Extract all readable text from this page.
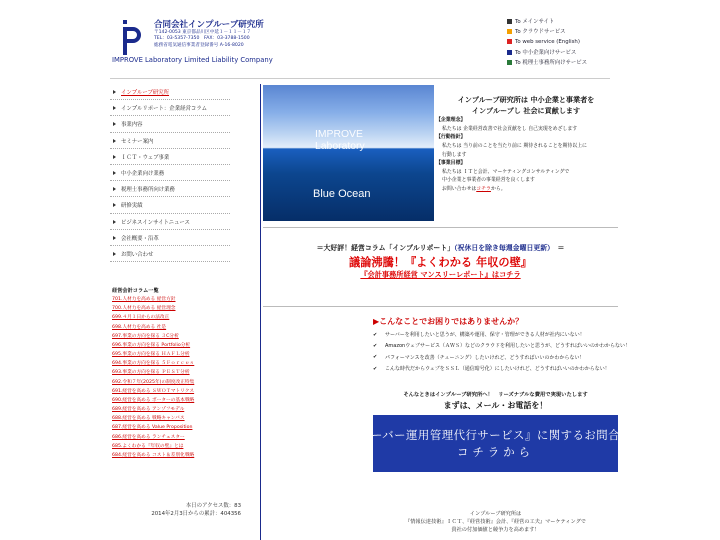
合同会社インプルーブ研究所
〒142-0053 東京都品川区中延１－１１－１７
TEL：03-5357-7350　FAX：03-3788-1500
総務省電気通信事業者登録番号 A-16-8020
IMPROVE Laboratory Limited Liability Company
To メインサイト
To クラウドサービス
To web service (English)
To 中小企業向けサービス
To 税理士事務所向けサービス
インプルーブ研究所
インプルリポート：企業経営コラム
事業内容
セミナー案内
ＩＣＴ・ウェブ事業
中小企業向け業務
税理士事務所向け業務
研修実績
ビジネスインサイトニュース
会社概要・沿革
お問い合わせ
経営会計コラム一覧
701.人材力を高める 経営方針
700.人材力を高める 経営理念
699.４月１日からの法改正
698.人材力を高める 社是
697.事業の方向を探る ３C分析
696.事業の方向を探る Portfolio分析
695.事業の方向を探る ＨＡＦＬ分析
694.事業の方向を探る ５Ｆｏｒｃｅｓ
693.事業の方向を探る ＰＥＳＴ分析
692.令和７年(2025年)の制度改正特集
691.経営を高める ＳＷＯＴマトリクス
690.経営を高める ポーターの基本戦略
689.経営を高める アンゾフモデル
688.経営を高める 戦略キャンバス
687.経営を高める Value Proposition
686.経営を高める ランチェスター
685.よくわかる『年収の壁』とは
684.経営を高める コスト＆差別化戦略
本日のアクセス数：83
2014年2月3日からの累計：404356
IMPROVE
Laboratory
Blue Ocean
インプルーブ研究所は 中小企業と事業者を
インプルーブし 社会に貢献します
【企業理念】
私たちは 企業経営改善で社会貢献をし 自己実現をめざします
【行動指針】
私たちは 当り前のことを当たり前に 期待されることを期待以上に
行動します
【事業目標】
私たちは ＩＴと会計、マーケティングコンサルティングで
中小企業と事業者の事業経営を良くします
お問い合わせはコチラから。
＝大好評！経営コラム「インプルリポート」（祝休日を除き毎週金曜日更新）　 ＝
議論沸騰！『よくわかる 年収の壁』
『会計事務所経営 マンスリーレポート』はコチラ
▶こんなことでお困りではありませんか？
✔	サーバーを利用したいと思うが、構築や運用、保守・管理ができる人材が社内にいない！
✔	Amazonウェブサービス（ＡＷＳ）などのクラウドを利用したいと思うが、どうすればいいのかわからない！
✔	パフォーマンスを改善（チューニング）したいけれど、どうすればいいのかわからない！
✔	こんな時代だからウェブをＳＳＬ（通信暗号化）にしたいけれど、どうすればいいのかわからない！
そんなときはインプルーブ研究所へ！　リーズナブルな費用で実現いたします
まずは、メール・お電話を！
『サーバー運用管理代行サービス』に関するお問合せは
コチラから
インプルーブ研究所は
『情報伝達技術』ＩＣＴ、『経営技術』会計、『経営の工夫』マーケティングで
貴社の付加価値と競争力を高めます！
